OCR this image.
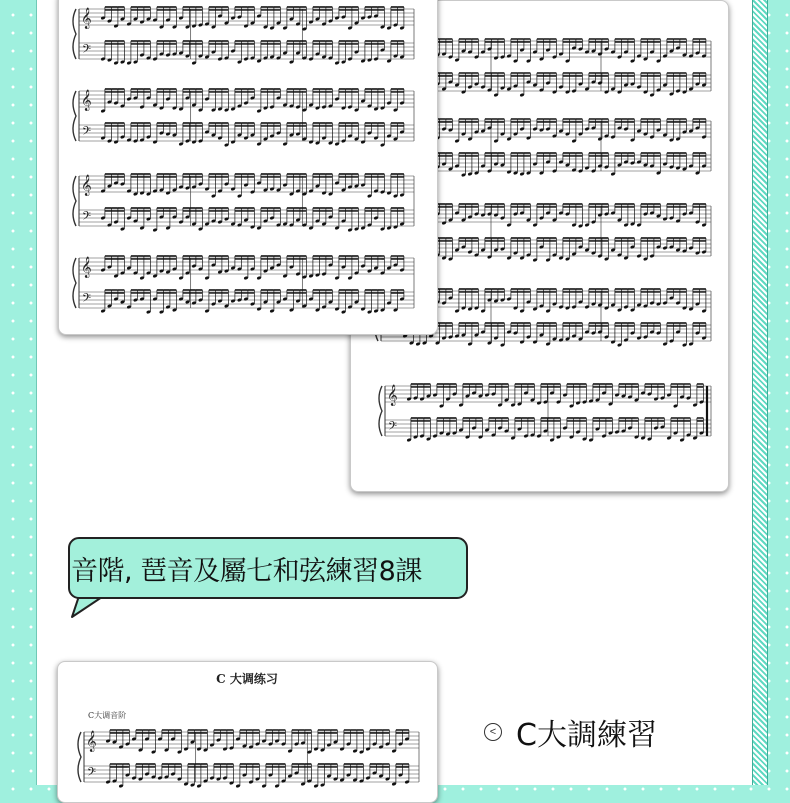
𝄞
𝄢
𝄞
𝄢
𝄞
𝄢
𝄞
𝄢
𝄞
𝄢
音階, 琶音及屬七和弦練習8課
C 大调练习
C大调音阶
𝄞
𝄢
< C大調練習
